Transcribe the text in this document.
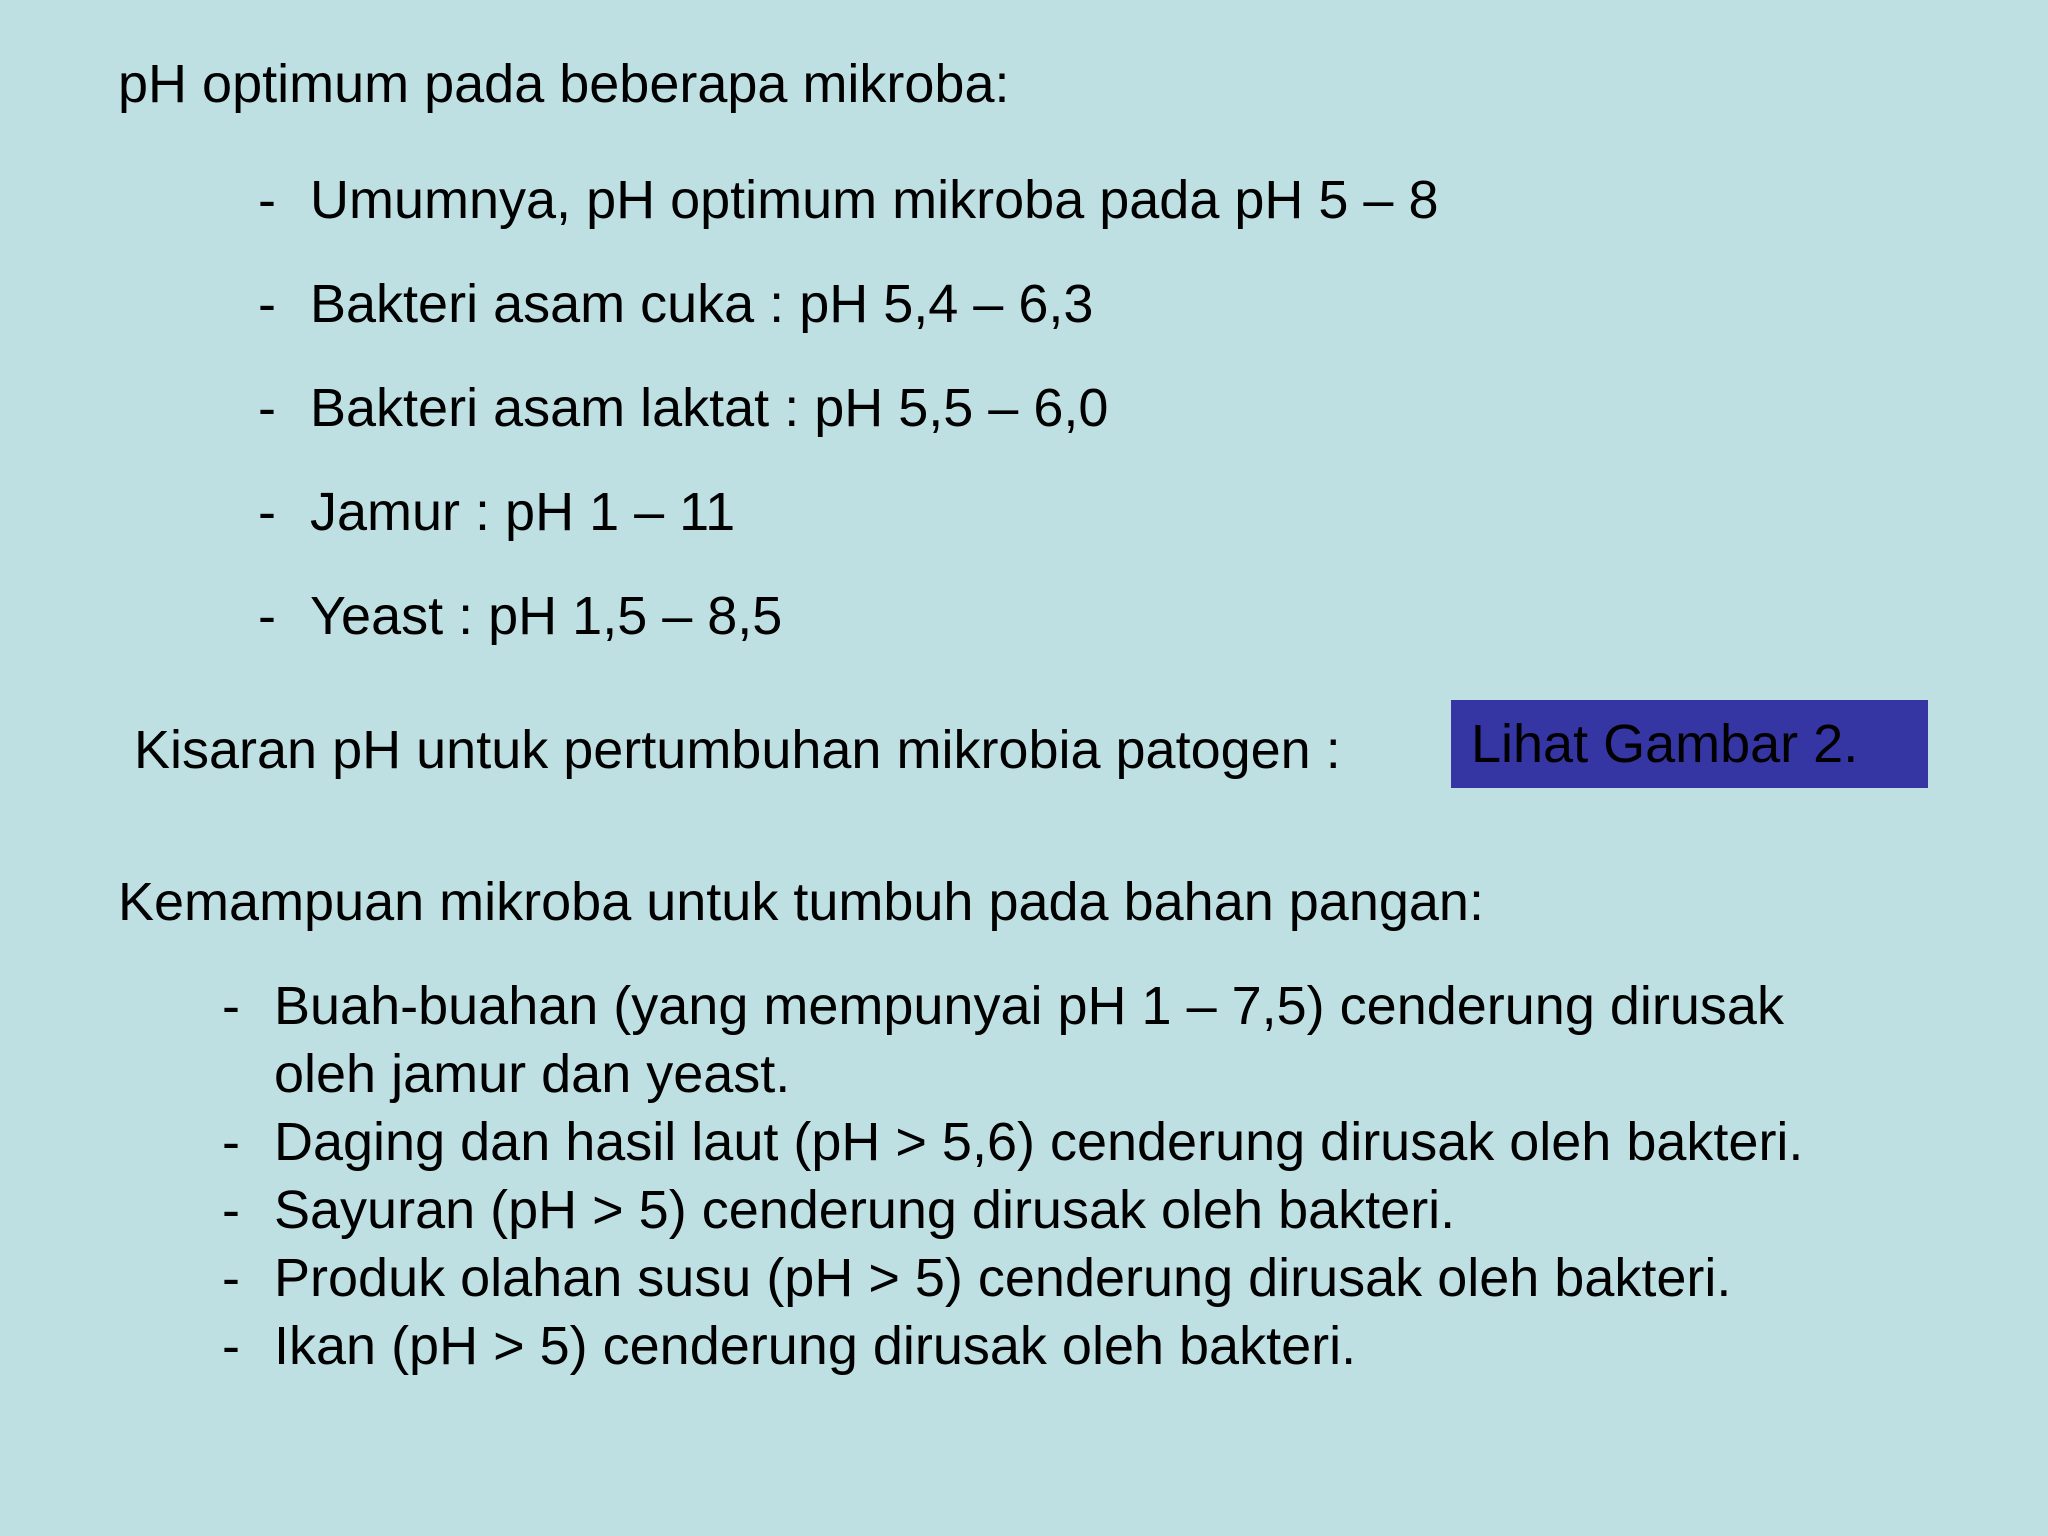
pH optimum pada beberapa mikroba:
- Umumnya, pH optimum mikroba pada pH 5 – 8
- Bakteri asam cuka : pH 5,4 – 6,3
- Bakteri asam laktat : pH 5,5 – 6,0
- Jamur : pH 1 – 11
- Yeast : pH 1,5 – 8,5
Kisaran pH untuk pertumbuhan mikrobia patogen :	Lihat Gambar 2.
Kemampuan mikroba untuk tumbuh pada bahan pangan:
- Buah-buahan (yang mempunyai pH 1 – 7,5) cenderung dirusak
oleh jamur dan yeast.
- Daging dan hasil laut (pH > 5,6) cenderung dirusak oleh bakteri.
- Sayuran (pH > 5) cenderung dirusak oleh bakteri.
- Produk olahan susu (pH > 5) cenderung dirusak oleh bakteri.
- Ikan (pH > 5) cenderung dirusak oleh bakteri.
